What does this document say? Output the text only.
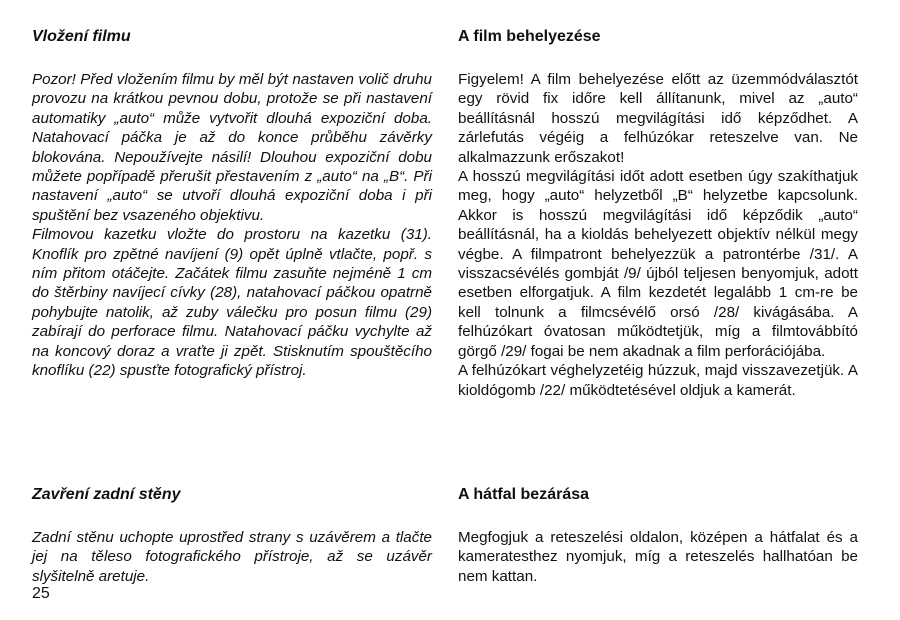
Vložení filmu

Pozor! Před vložením filmu by měl být nastaven volič druhu provozu na krátkou pevnou dobu, protože se při nastavení automatiky „auto“ může vytvořit dlouhá expoziční doba. Natahovací páčka je až do konce průběhu závěrky blokována. Nepoužívejte násilí! Dlouhou expoziční dobu můžete popřípadě přerušit přestavením z „auto“ na „B“. Při nastavení „auto“ se utvoří dlouhá expoziční doba i při spuštění bez vsazeného objektivu.

Filmovou kazetku vložte do prostoru na kazetku (31). Knoflík pro zpětné navíjení (9) opět úplně vtlačte, popř. s ním přitom otáčejte. Začátek filmu zasuňte nejméně 1 cm do štěrbiny navíjecí cívky (28), natahovací páčkou opatrně pohybujte natolik, až zuby válečku pro posun filmu (29) zabírají do perforace filmu. Natahovací páčku vychylte až na koncový doraz a vraťte ji zpět. Stisknutím spouštěcího knoflíku (22) spusťte fotografický přístroj.

A film behelyezése

Figyelem! A film behelyezése előtt az üzemmódválasztót egy rövid fix időre kell állítanunk, mivel az „auto“ beállításnál hosszú megvilágítási idő képződhet. A zárlefutás végéig a felhúzókar reteszelve van. Ne alkalmazzunk erőszakot!

A hosszú megvilágítási időt adott esetben úgy szakíthatjuk meg, hogy „auto“ helyzetből „B“ helyzetbe kapcsolunk. Akkor is hosszú megvilágítási idő képződik „auto“ beállításnál, ha a kioldás behelyezett objektív nélkül megy végbe. A filmpatront behelyezzük a patrontérbe /31/. A visszacsévélés gombját /9/ újból teljesen benyomjuk, adott esetben elforgatjuk. A film kezdetét legalább 1 cm-re be kell tolnunk a filmcsévélő orsó /28/ kivágásába. A felhúzókart óvatosan működtetjük, míg a filmtovábbító görgő /29/ fogai be nem akadnak a film perforációjába.

A felhúzókart véghelyzetéig húzzuk, majd visszavezetjük. A kioldógomb /22/ működtetésével oldjuk a kamerát.

Zavření zadní stěny

Zadní stěnu uchopte uprostřed strany s uzávěrem a tlačte jej na těleso fotografického přístroje, až se uzávěr slyšitelně aretuje.

A hátfal bezárása

Megfogjuk a reteszelési oldalon, középen a hátfalat és a kameratesthez nyomjuk, míg a reteszelés hallhatóan be nem kattan.

25
